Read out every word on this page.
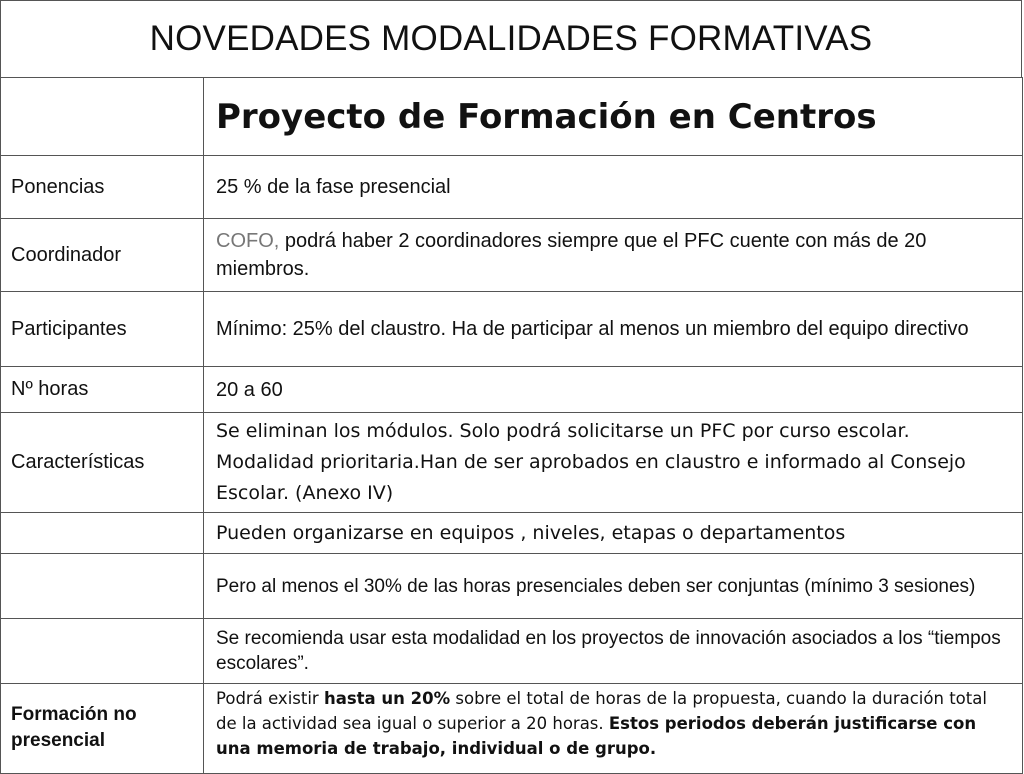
NOVEDADES MODALIDADES FORMATIVAS
	Proyecto de Formación en Centros
Ponencias	25 % de la fase presencial
Coordinador	COFO, podrá haber 2 coordinadores siempre que el PFC cuente con más de 20 miembros.
Participantes	Mínimo: 25% del claustro. Ha de participar al menos un miembro del equipo directivo
Nº horas	20 a 60
Características	Se eliminan los módulos. Solo podrá solicitarse un PFC por curso escolar. Modalidad prioritaria.Han de ser aprobados en claustro e informado al Consejo Escolar. (Anexo IV)
	Pueden organizarse en equipos , niveles, etapas o departamentos
	Pero al menos el 30% de las horas presenciales deben ser conjuntas (mínimo 3 sesiones)
	Se recomienda usar esta modalidad en los proyectos de innovación asociados a los “tiempos escolares”.
Formación no presencial	Podrá existir hasta un 20% sobre el total de horas de la propuesta, cuando la duración total de la actividad sea igual o superior a 20 horas. Estos periodos deberán justificarse con una memoria de trabajo, individual o de grupo.
